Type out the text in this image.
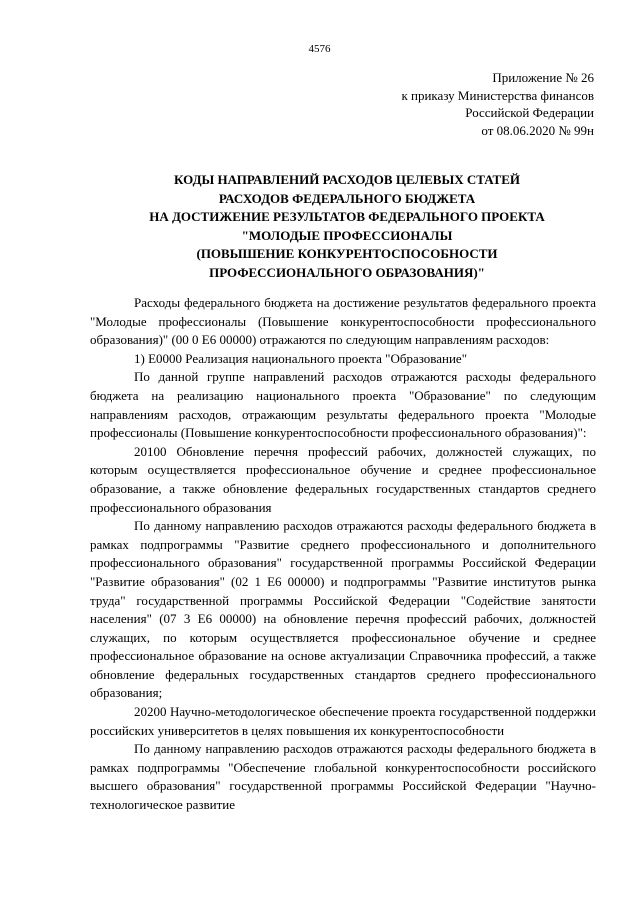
4576
Приложение № 26
к приказу Министерства финансов
Российской Федерации
от 08.06.2020 № 99н
КОДЫ НАПРАВЛЕНИЙ РАСХОДОВ ЦЕЛЕВЫХ СТАТЕЙ
РАСХОДОВ ФЕДЕРАЛЬНОГО БЮДЖЕТА
НА ДОСТИЖЕНИЕ РЕЗУЛЬТАТОВ ФЕДЕРАЛЬНОГО ПРОЕКТА
"МОЛОДЫЕ ПРОФЕССИОНАЛЫ
(ПОВЫШЕНИЕ КОНКУРЕНТОСПОСОБНОСТИ
ПРОФЕССИОНАЛЬНОГО ОБРАЗОВАНИЯ)"

Расходы федерального бюджета на достижение результатов федерального проекта "Молодые профессионалы (Повышение конкурентоспособности профессионального образования)" (00 0 E6 00000) отражаются по следующим направлениям расходов:

1) E0000 Реализация национального проекта "Образование"

По данной группе направлений расходов отражаются расходы федерального бюджета на реализацию национального проекта "Образование" по следующим направлениям расходов, отражающим результаты федерального проекта "Молодые профессионалы (Повышение конкурентоспособности профессионального образования)":

20100 Обновление перечня профессий рабочих, должностей служащих, по которым осуществляется профессиональное обучение и среднее профессиональное образование, а также обновление федеральных государственных стандартов среднего профессионального образования

По данному направлению расходов отражаются расходы федерального бюджета в рамках подпрограммы "Развитие среднего профессионального и дополнительного профессионального образования" государственной программы Российской Федерации "Развитие образования" (02 1 E6 00000) и подпрограммы "Развитие институтов рынка труда" государственной программы Российской Федерации "Содействие занятости населения" (07 3 E6 00000) на обновление перечня профессий рабочих, должностей служащих, по которым осуществляется профессиональное обучение и среднее профессиональное образование на основе актуализации Справочника профессий, а также обновление федеральных государственных стандартов среднего профессионального образования;

20200 Научно-методологическое обеспечение проекта государственной поддержки российских университетов в целях повышения их конкурентоспособности

По данному направлению расходов отражаются расходы федерального бюджета в рамках подпрограммы "Обеспечение глобальной конкурентоспособности российского высшего образования" государственной программы Российской Федерации "Научно-технологическое развитие
